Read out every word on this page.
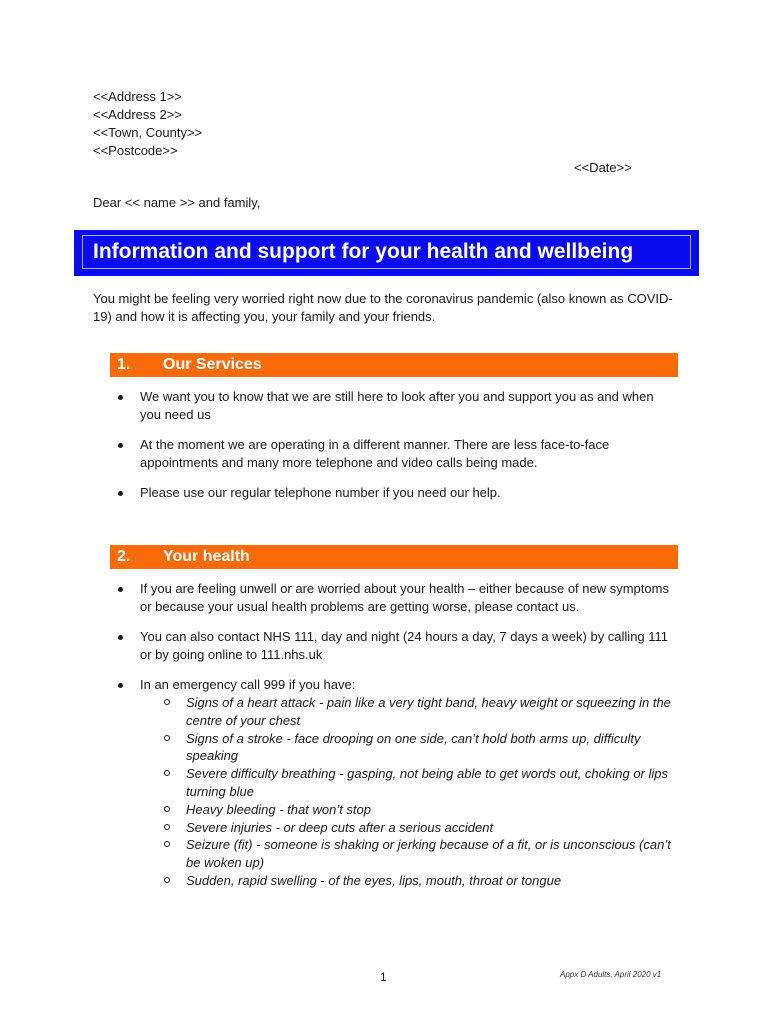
<<Address 1>>
<<Address 2>>
<<Town, County>>
<<Postcode>>
<<Date>>
Dear << name >> and family,
Information and support for your health and wellbeing
You might be feeling very worried right now due to the coronavirus pandemic (also known as COVID-19) and how it is affecting you, your family and your friends.
1. Our Services
We want you to know that we are still here to look after you and support you as and when you need us
At the moment we are operating in a different manner. There are less face-to-face appointments and many more telephone and video calls being made.
Please use our regular telephone number if you need our help.
2. Your health
If you are feeling unwell or are worried about your health – either because of new symptoms or because your usual health problems are getting worse, please contact us.
You can also contact NHS 111, day and night (24 hours a day, 7 days a week) by calling 111 or by going online to 111.nhs.uk
In an emergency call 999 if you have:
Signs of a heart attack - pain like a very tight band, heavy weight or squeezing in the centre of your chest
Signs of a stroke - face drooping on one side, can’t hold both arms up, difficulty speaking
Severe difficulty breathing - gasping, not being able to get words out, choking or lips turning blue
Heavy bleeding - that won’t stop
Severe injuries - or deep cuts after a serious accident
Seizure (fit) - someone is shaking or jerking because of a fit, or is unconscious (can’t be woken up)
Sudden, rapid swelling - of the eyes, lips, mouth, throat or tongue
1	Appx D Adults, April 2020 v1
